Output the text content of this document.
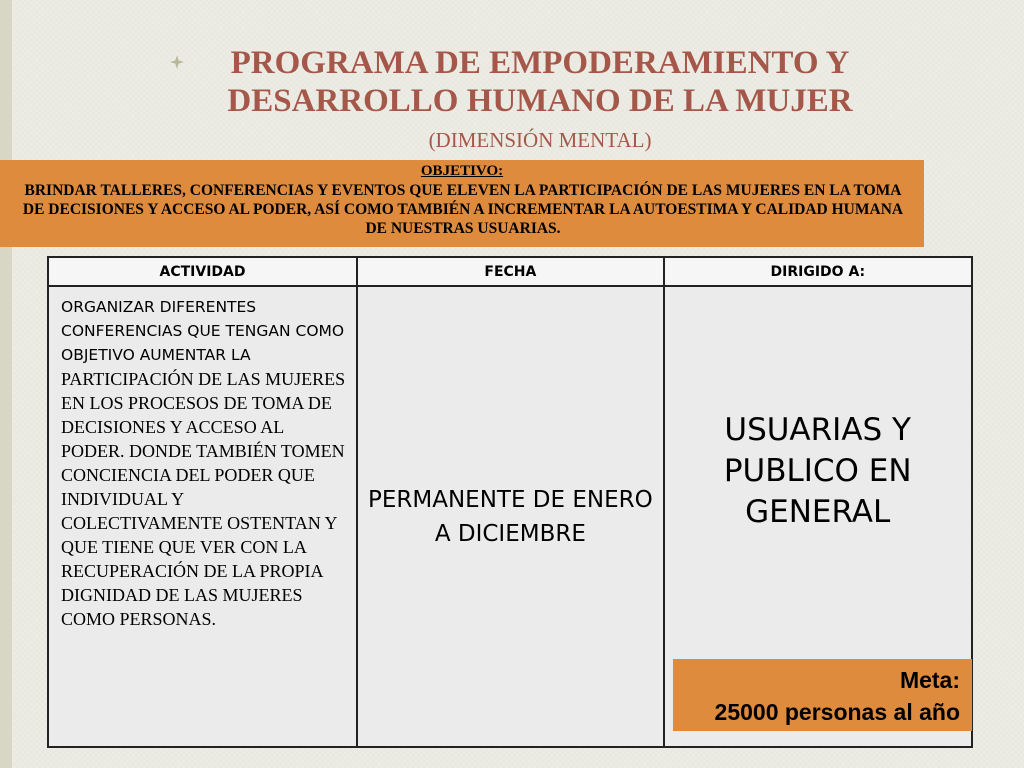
PROGRAMA DE EMPODERAMIENTO Y DESARROLLO HUMANO DE LA MUJER
(DIMENSIÓN MENTAL)
OBJETIVO:
BRINDAR TALLERES, CONFERENCIAS Y EVENTOS QUE ELEVEN LA PARTICIPACIÓN DE LAS MUJERES EN LA TOMA DE DECISIONES Y ACCESO AL PODER, ASÍ COMO TAMBIÉN A INCREMENTAR LA AUTOESTIMA Y CALIDAD HUMANA DE NUESTRAS USUARIAS.
ACTIVIDAD	FECHA	DIRIGIDO A:

ORGANIZAR DIFERENTES CONFERENCIAS QUE TENGAN COMO OBJETIVO AUMENTAR LA
PARTICIPACIÓN DE LAS MUJERES EN LOS PROCESOS DE TOMA DE DECISIONES Y ACCESO AL PODER. DONDE TAMBIÉN TOMEN CONCIENCIA DEL PODER QUE INDIVIDUAL Y COLECTIVAMENTE OSTENTAN Y QUE TIENE QUE VER CON LA RECUPERACIÓN DE LA PROPIA DIGNIDAD DE LAS MUJERES COMO PERSONAS.	PERMANENTE DE ENERO A DICIEMBRE	USUARIAS Y PUBLICO EN GENERAL
Meta:
25000 personas al año
